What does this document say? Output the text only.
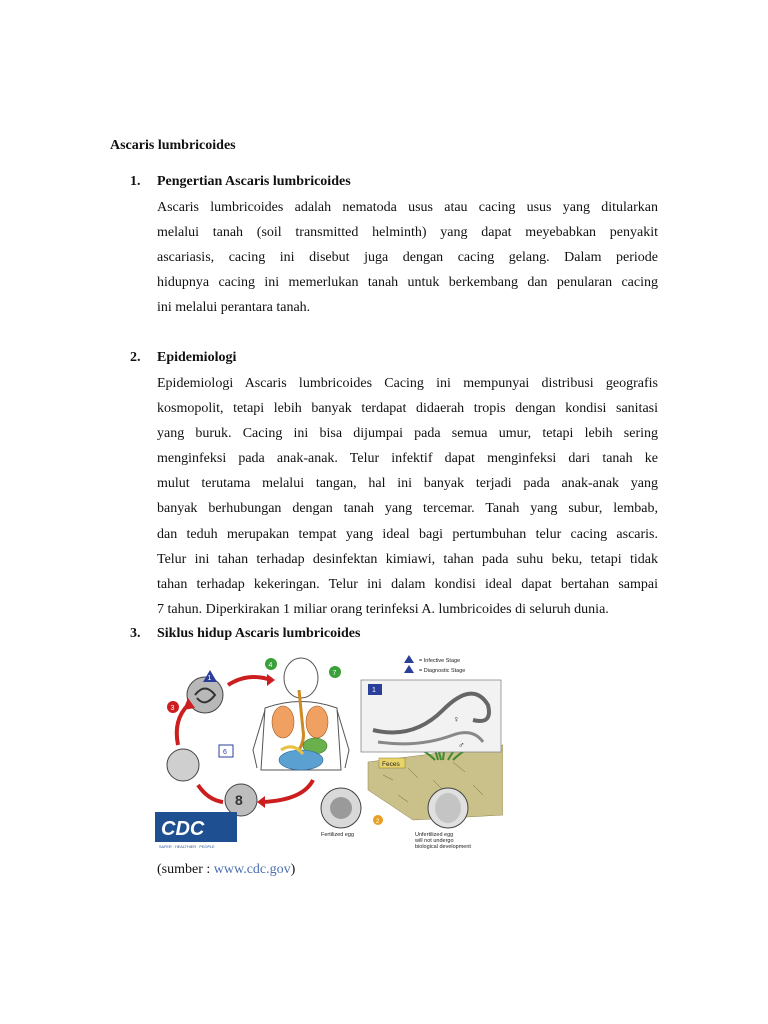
Ascaris lumbricoides

1. Pengertian Ascaris lumbricoides

Ascaris lumbricoides adalah nematoda usus atau cacing usus yang ditularkan
melalui tanah (soil transmitted helminth) yang dapat meyebabkan penyakit
ascariasis, cacing ini disebut juga dengan cacing gelang. Dalam periode
hidupnya cacing ini memerlukan tanah untuk berkembang dan penularan cacing
ini melalui perantara tanah.

2. Epidemiologi

Epidemiologi Ascaris lumbricoides Cacing ini mempunyai distribusi geografis
kosmopolit, tetapi lebih banyak terdapat didaerah tropis dengan kondisi sanitasi
yang buruk. Cacing ini bisa dijumpai pada semua umur, tetapi lebih sering
menginfeksi pada anak-anak. Telur infektif dapat menginfeksi dari tanah ke
mulut terutama melalui tangan, hal ini banyak terjadi pada anak-anak yang
banyak berhubungan dengan tanah yang tercemar. Tanah yang subur, lembab,
dan teduh merupakan tempat yang ideal bagi pertumbuhan telur cacing ascaris.
Telur ini tahan terhadap desinfektan kimiawi, tahan pada suhu beku, tetapi tidak
tahan terhadap kekeringan. Telur ini dalam kondisi ideal dapat bertahan sampai
7 tahun. Diperkirakan 1 miliar orang terinfeksi A. lumbricoides di seluruh dunia.

3. Siklus hidup Ascaris lumbricoides

♀
♂
= Infective Stage
= Diagnostic Stage
8
Feces
Fertilized egg	Unfertilized egg
will not undergo
biological development
4
7
3
1
6
1
2
CDC
SAFER · HEALTHIER · PEOPLE

(sumber : www.cdc.gov)
